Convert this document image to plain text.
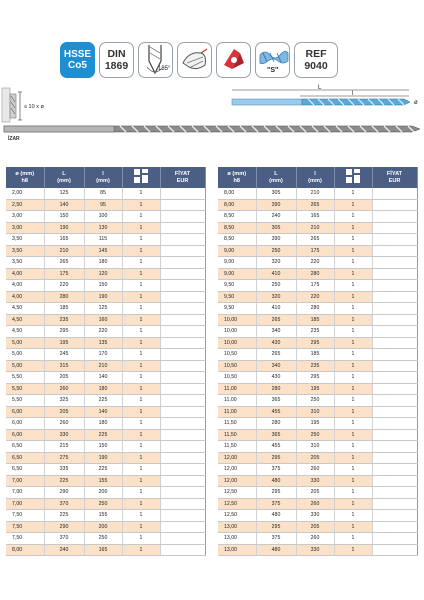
HSSE
Co5
DIN
1869	135°	"S"
REF
9040
≤ 10 x ø
L
l
ø
İZAR
ø (mm)
h8	L
(mm)	l
(mm)		FİYAT
EUR
2,00	125	85	1	
2,50	140	95	1	
3,00	150	100	1	
3,00	190	130	1	
3,50	165	115	1	
3,50	210	145	1	
3,50	265	180	1	
4,00	175	120	1	
4,00	220	150	1	
4,00	280	190	1	
4,50	185	125	1	
4,50	235	160	1	
4,50	295	220	1	
5,00	195	135	1	
5,00	245	170	1	
5,00	315	210	1	
5,50	205	140	1	
5,50	260	180	1	
5,50	325	225	1	
6,00	205	140	1	
6,00	260	180	1	
6,00	330	225	1	
6,50	215	150	1	
6,50	275	190	1	
6,50	335	225	1	
7,00	225	155	1	
7,00	290	200	1	
7,00	370	250	1	
7,50	225	155	1	
7,50	290	200	1	
7,50	370	250	1	
8,00	240	165	1	
ø (mm)
h8	L
(mm)	l
(mm)		FİYAT
EUR
8,00	305	210	1	
8,00	390	265	1	
8,50	240	165	1	
8,50	305	210	1	
8,50	390	265	1	
9,00	250	175	1	
9,00	320	220	1	
9,00	410	280	1	
9,50	250	175	1	
9,50	320	220	1	
9,50	410	280	1	
10,00	265	185	1	
10,00	340	235	1	
10,00	430	295	1	
10,50	265	185	1	
10,50	340	235	1	
10,50	430	295	1	
11,00	280	195	1	
11,00	365	250	1	
11,00	455	310	1	
11,50	280	195	1	
11,50	365	250	1	
11,50	455	310	1	
12,00	295	205	1	
12,00	375	260	1	
12,00	480	330	1	
12,50	295	205	1	
12,50	375	260	1	
12,50	480	330	1	
13,00	295	205	1	
13,00	375	260	1	
13,00	480	330	1	
